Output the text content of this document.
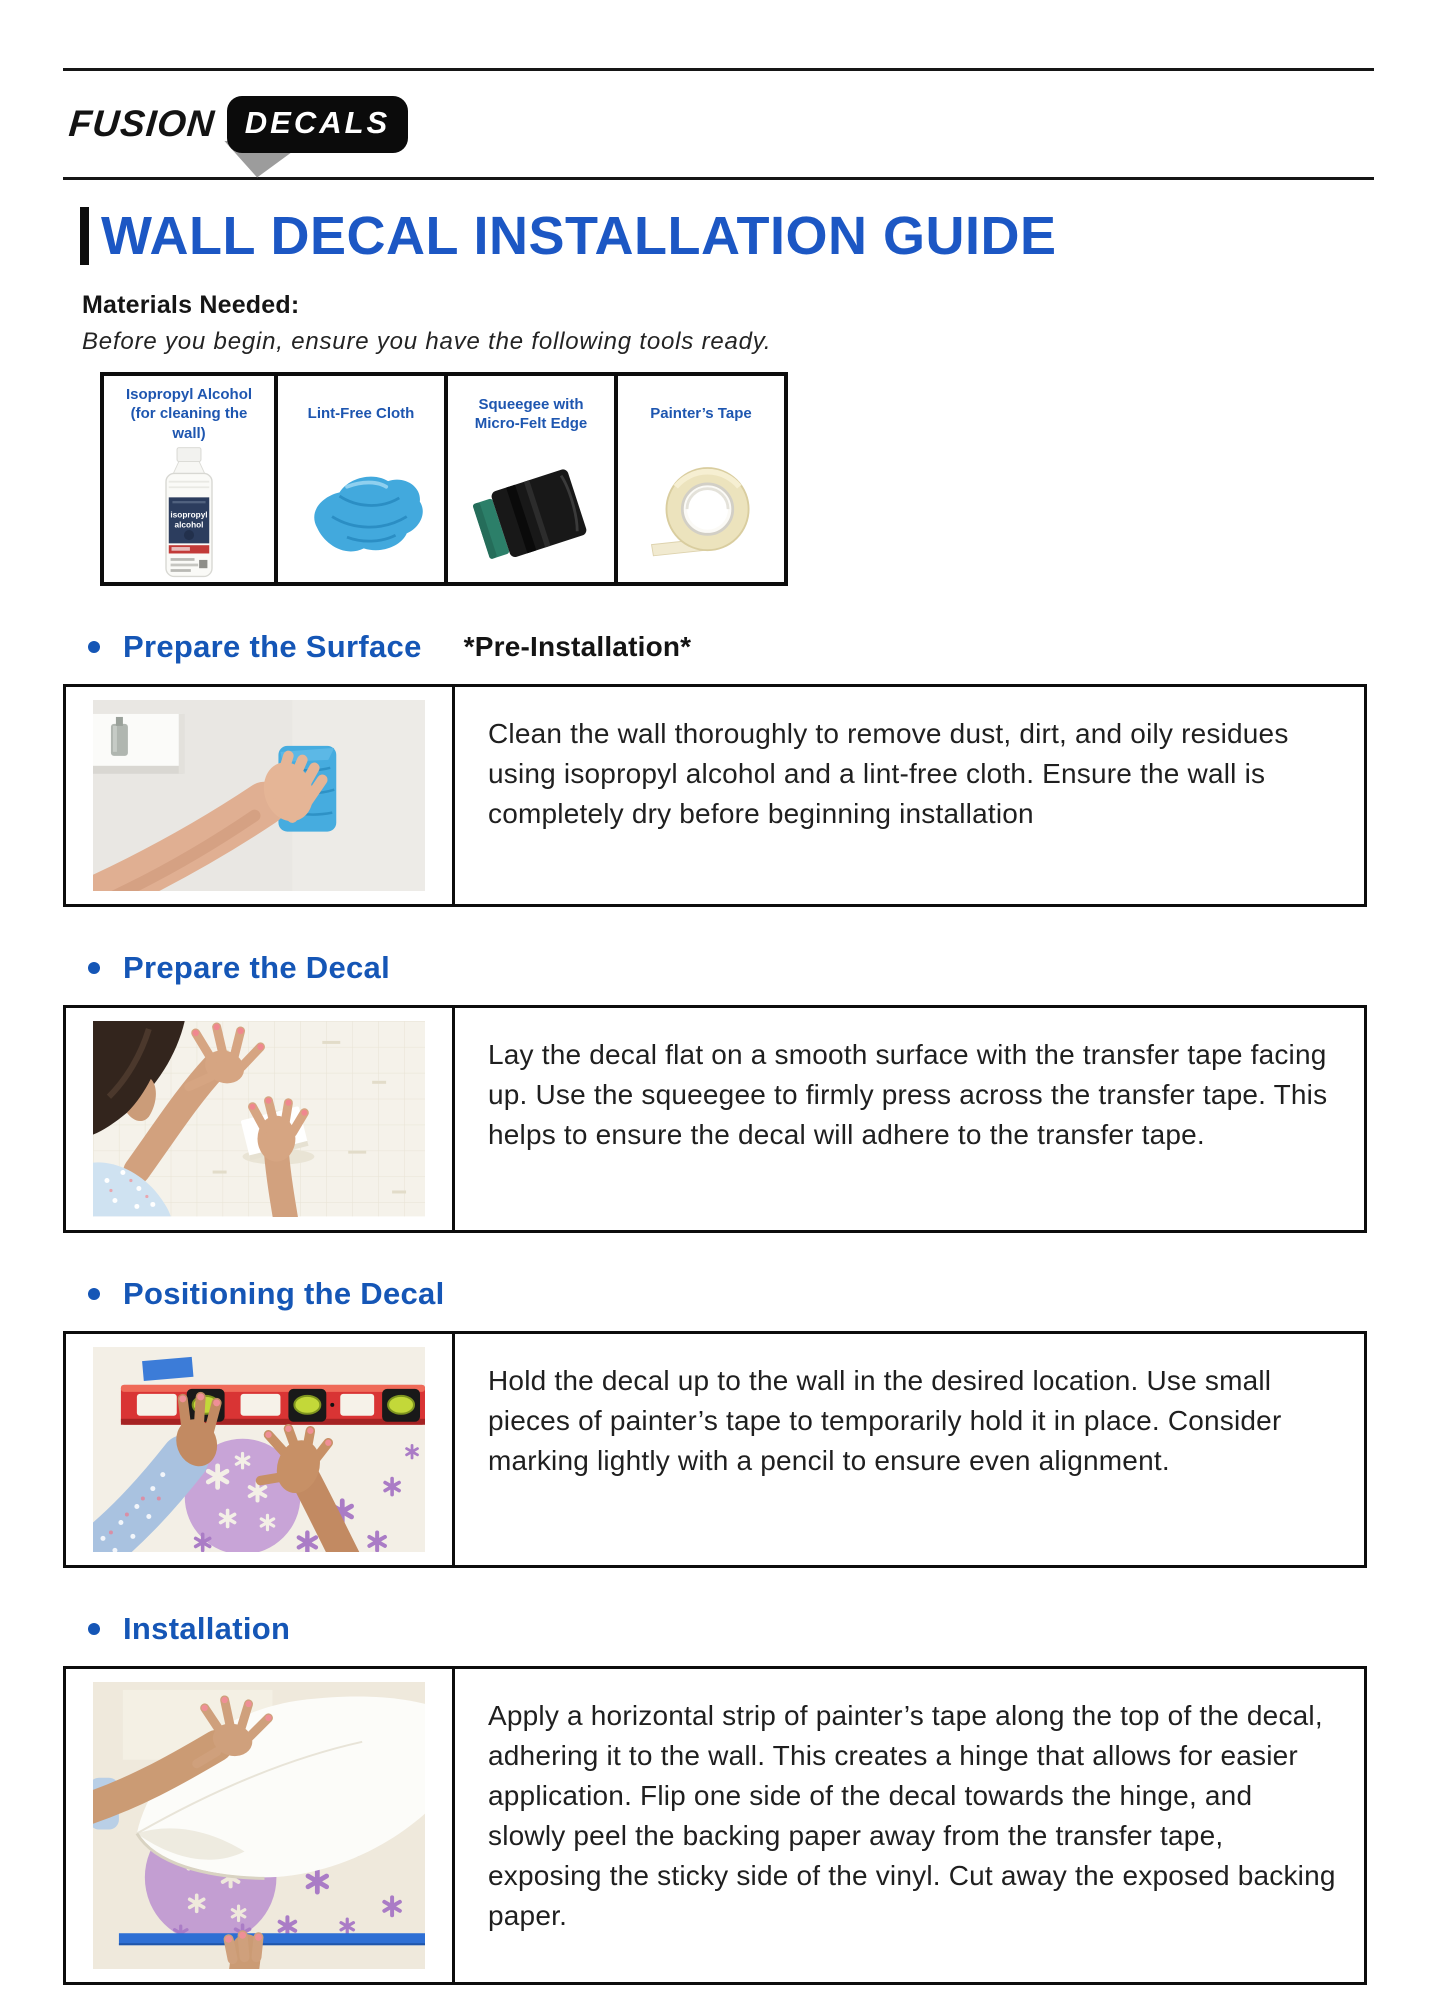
FUSION DECALS
WALL DECAL INSTALLATION GUIDE
Materials Needed:

Before you begin, ensure you have the following tools ready.

Isopropyl Alcohol (for cleaning the wall)
isopropyl
alcohol
Lint-Free Cloth
Squeegee with Micro-Felt Edge
Painter’s Tape
Prepare the Surface *Pre-Installation*
Clean the wall thoroughly to remove dust, dirt, and oily residues using isopropyl alcohol and a lint-free cloth. Ensure the wall is completely dry before beginning installation
Prepare the Decal
Lay the decal flat on a smooth surface with the transfer tape facing up. Use the squeegee to firmly press across the transfer tape. This helps to ensure the decal will adhere to the transfer tape.
Positioning the Decal
Hold the decal up to the wall in the desired location. Use small pieces of painter’s tape to temporarily hold it in place. Consider marking lightly with a pencil to ensure even alignment.
Installation
Apply a horizontal strip of painter’s tape along the top of the decal, adhering it to the wall. This creates a hinge that allows for easier application. Flip one side of the decal towards the hinge, and slowly peel the backing paper away from the transfer tape, exposing the sticky side of the vinyl. Cut away the exposed backing paper.
